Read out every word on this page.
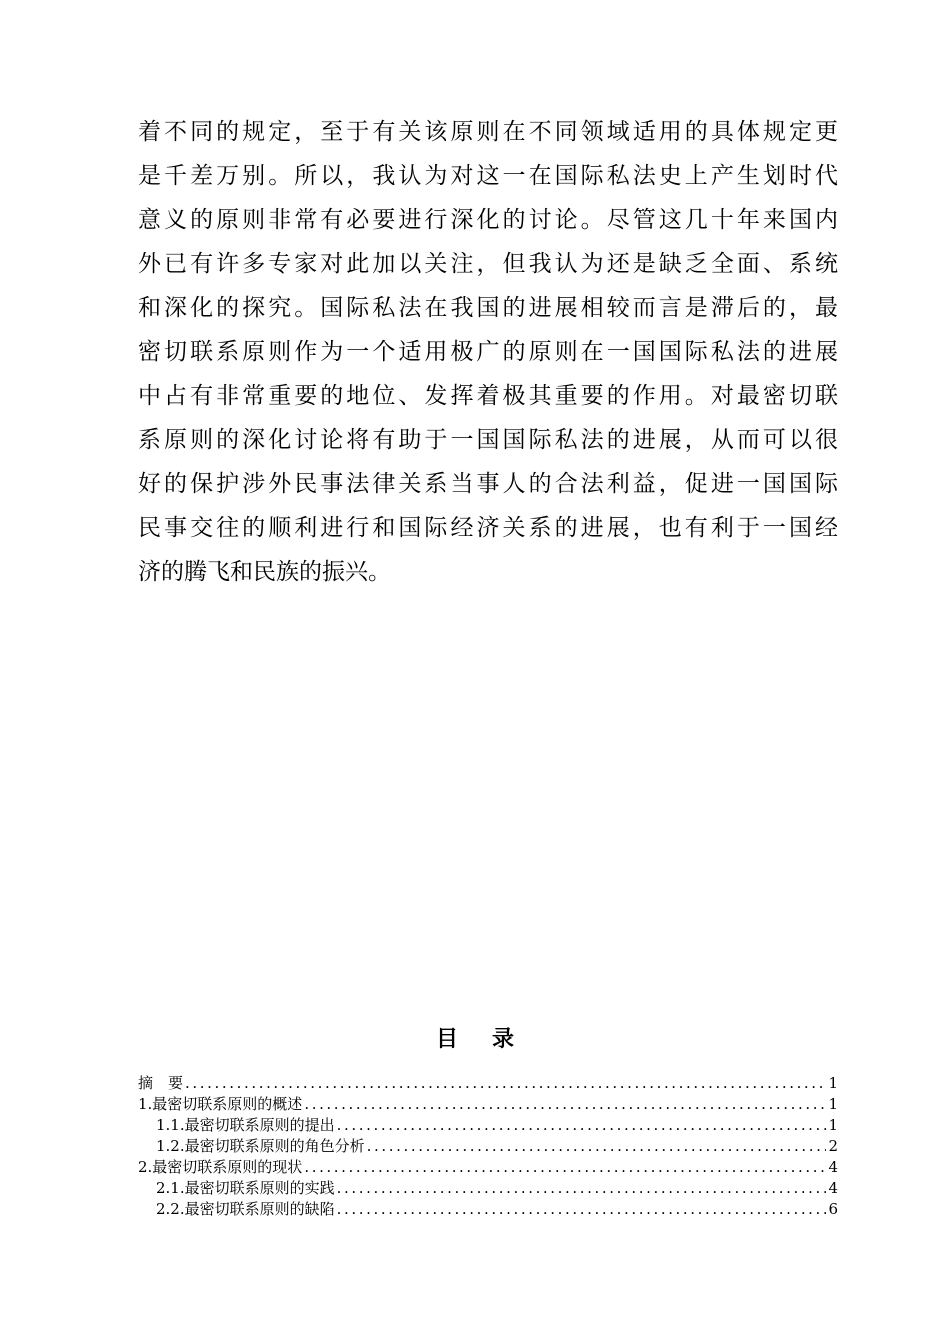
着不同的规定，至于有关该原则在不同领域适用的具体规定更
是千差万别。所以，我认为对这一在国际私法史上产生划时代
意义的原则非常有必要进行深化的讨论。尽管这几十年来国内
外已有许多专家对此加以关注，但我认为还是缺乏全面、系统
和深化的探究。国际私法在我国的进展相较而言是滞后的，最
密切联系原则作为一个适用极广的原则在一国国际私法的进展
中占有非常重要的地位、发挥着极其重要的作用。对最密切联
系原则的深化讨论将有助于一国国际私法的进展，从而可以很
好的保护涉外民事法律关系当事人的合法利益，促进一国国际
民事交往的顺利进行和国际经济关系的进展，也有利于一国经
济的腾飞和民族的振兴。
目录
摘　要 .....	1
1.最密切联系原则的概述 .....	1
1.1.最密切联系原则的提出 .....	1
1.2.最密切联系原则的角色分析 .....	2
2.最密切联系原则的现状 .....	4
2.1.最密切联系原则的实践 .....	4
2.2.最密切联系原则的缺陷 .....	6
